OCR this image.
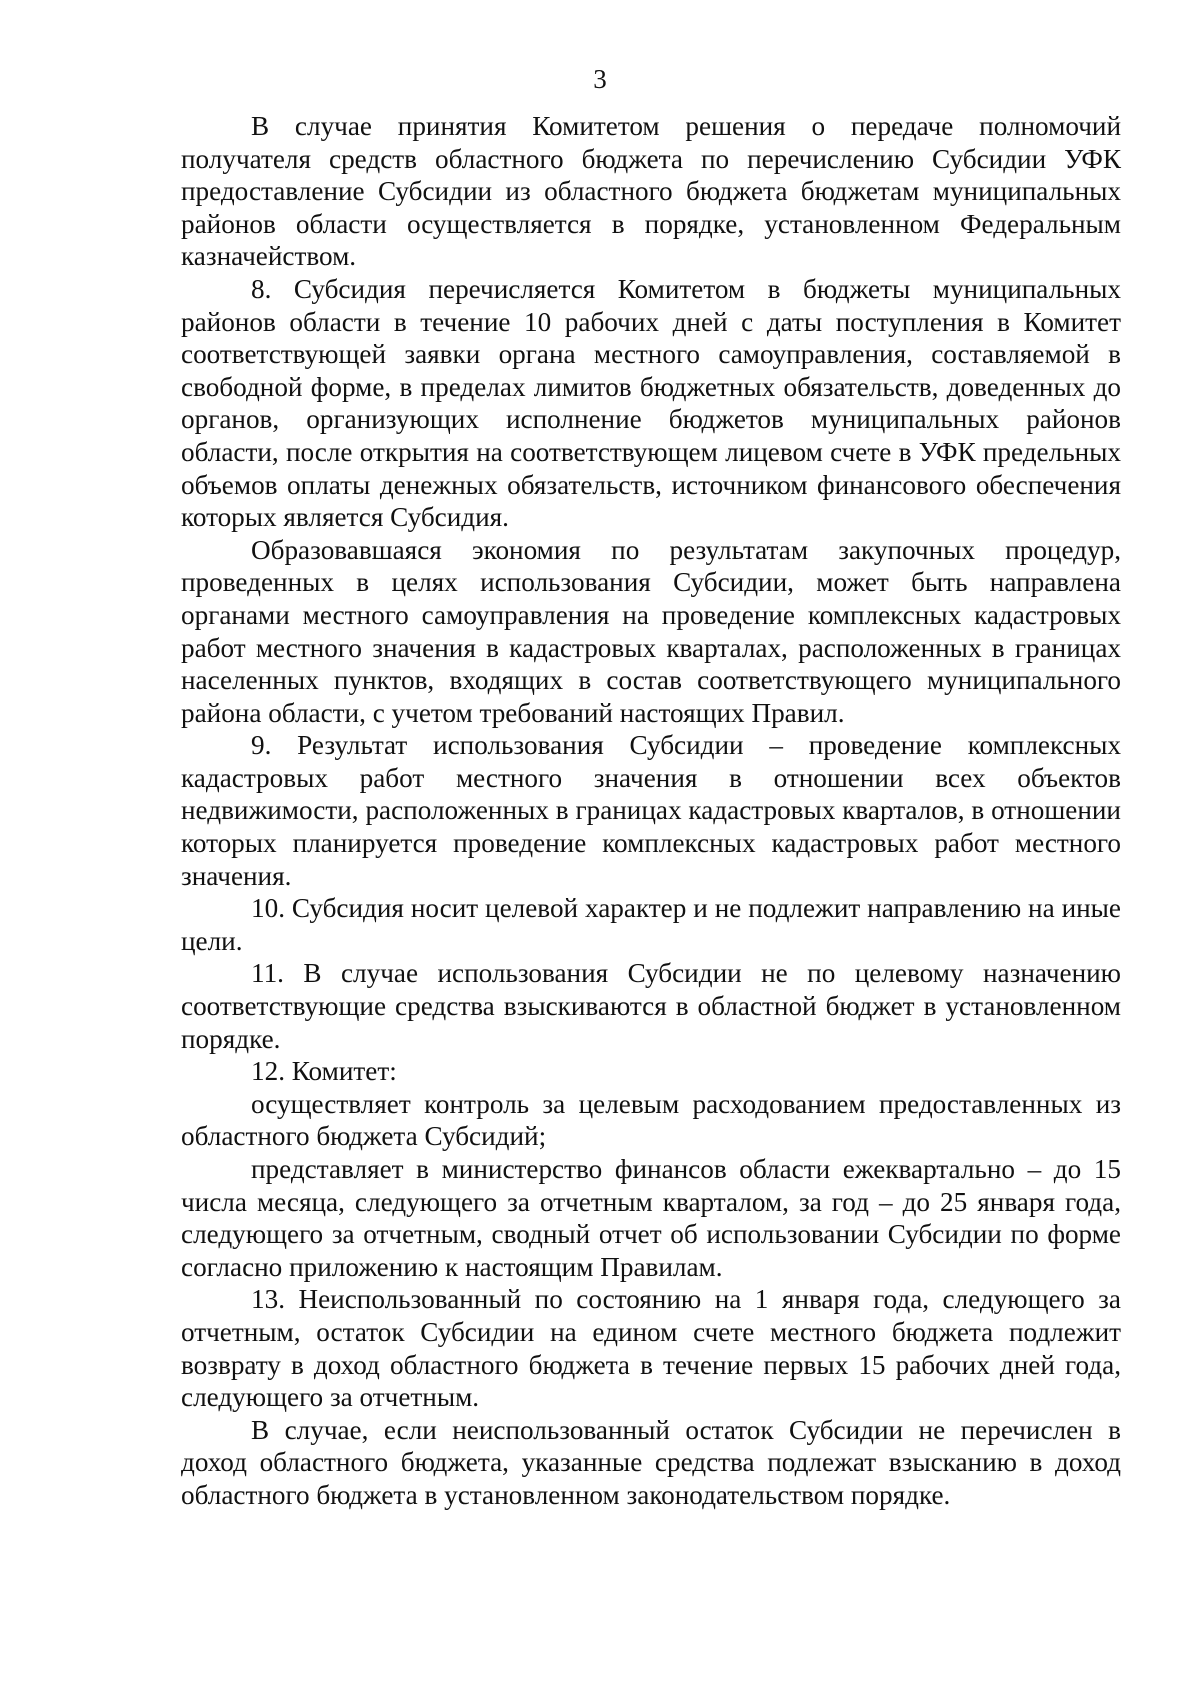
3

В случае принятия Комитетом решения о передаче полномочий получателя средств областного бюджета по перечислению Субсидии УФК предоставление Субсидии из областного бюджета бюджетам муниципальных районов области осуществляется в порядке, установленном Федеральным казначейством.

8. Субсидия перечисляется Комитетом в бюджеты муниципальных районов области в течение 10 рабочих дней с даты поступления в Комитет соответствующей заявки органа местного самоуправления, составляемой в свободной форме, в пределах лимитов бюджетных обязательств, доведенных до органов, организующих исполнение бюджетов муниципальных районов области, после открытия на соответствующем лицевом счете в УФК предельных объемов оплаты денежных обязательств, источником финансового обеспечения которых является Субсидия.

Образовавшаяся экономия по результатам закупочных процедур, проведенных в целях использования Субсидии, может быть направлена органами местного самоуправления на проведение комплексных кадастровых работ местного значения в кадастровых кварталах, расположенных в границах населенных пунктов, входящих в состав соответствующего муниципального района области, с учетом требований настоящих Правил.

9. Результат использования Субсидии – проведение комплексных кадастровых работ местного значения в отношении всех объектов недвижимости, расположенных в границах кадастровых кварталов, в отношении которых планируется проведение комплексных кадастровых работ местного значения.

10. Субсидия носит целевой характер и не подлежит направлению на иные цели.

11. В случае использования Субсидии не по целевому назначению соответствующие средства взыскиваются в областной бюджет в установленном порядке.

12. Комитет:

осуществляет контроль за целевым расходованием предоставленных из областного бюджета Субсидий;

представляет в министерство финансов области ежеквартально – до 15 числа месяца, следующего за отчетным кварталом, за год – до 25 января года, следующего за отчетным, сводный отчет об использовании Субсидии по форме согласно приложению к настоящим Правилам.

13. Неиспользованный по состоянию на 1 января года, следующего за отчетным, остаток Субсидии на едином счете местного бюджета подлежит возврату в доход областного бюджета в течение первых 15 рабочих дней года, следующего за отчетным.

В случае, если неиспользованный остаток Субсидии не перечислен в доход областного бюджета, указанные средства подлежат взысканию в доход областного бюджета в установленном законодательством порядке.
